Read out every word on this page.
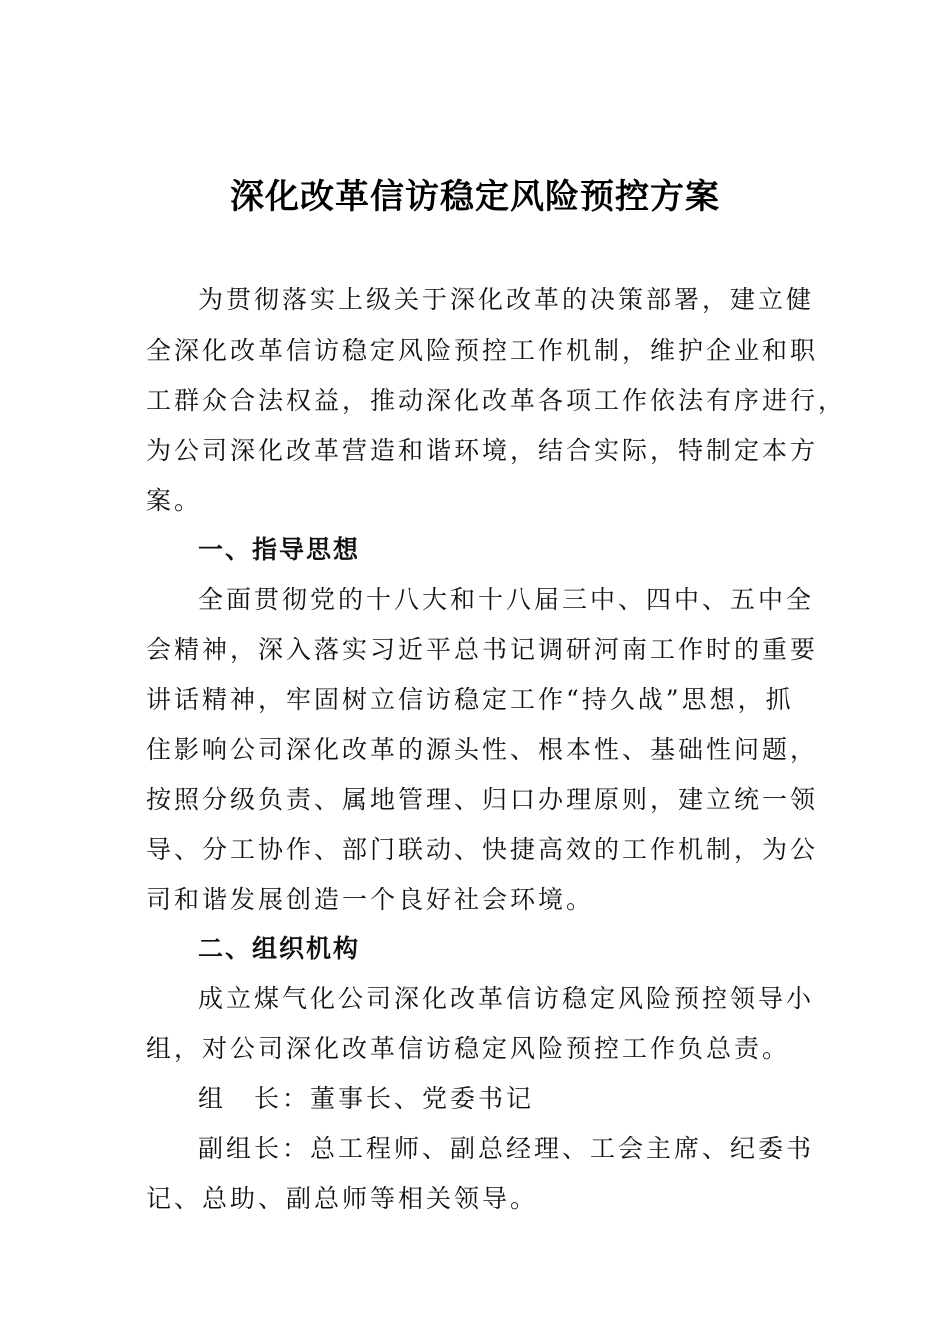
深化改革信访稳定风险预控方案
为贯彻落实上级关于深化改革的决策部署，建立健
全深化改革信访稳定风险预控工作机制，维护企业和职
工群众合法权益，推动深化改革各项工作依法有序进行，
为公司深化改革营造和谐环境，结合实际，特制定本方
案。
一、指导思想
全面贯彻党的十八大和十八届三中、四中、五中全
会精神，深入落实习近平总书记调研河南工作时的重要
讲话精神，牢固树立信访稳定工作“持久战”思想，抓
住影响公司深化改革的源头性、根本性、基础性问题，
按照分级负责、属地管理、归口办理原则，建立统一领
导、分工协作、部门联动、快捷高效的工作机制，为公
司和谐发展创造一个良好社会环境。
二、组织机构
成立煤气化公司深化改革信访稳定风险预控领导小
组，对公司深化改革信访稳定风险预控工作负总责。
组　长：董事长、党委书记
副组长：总工程师、副总经理、工会主席、纪委书
记、总助、副总师等相关领导。
